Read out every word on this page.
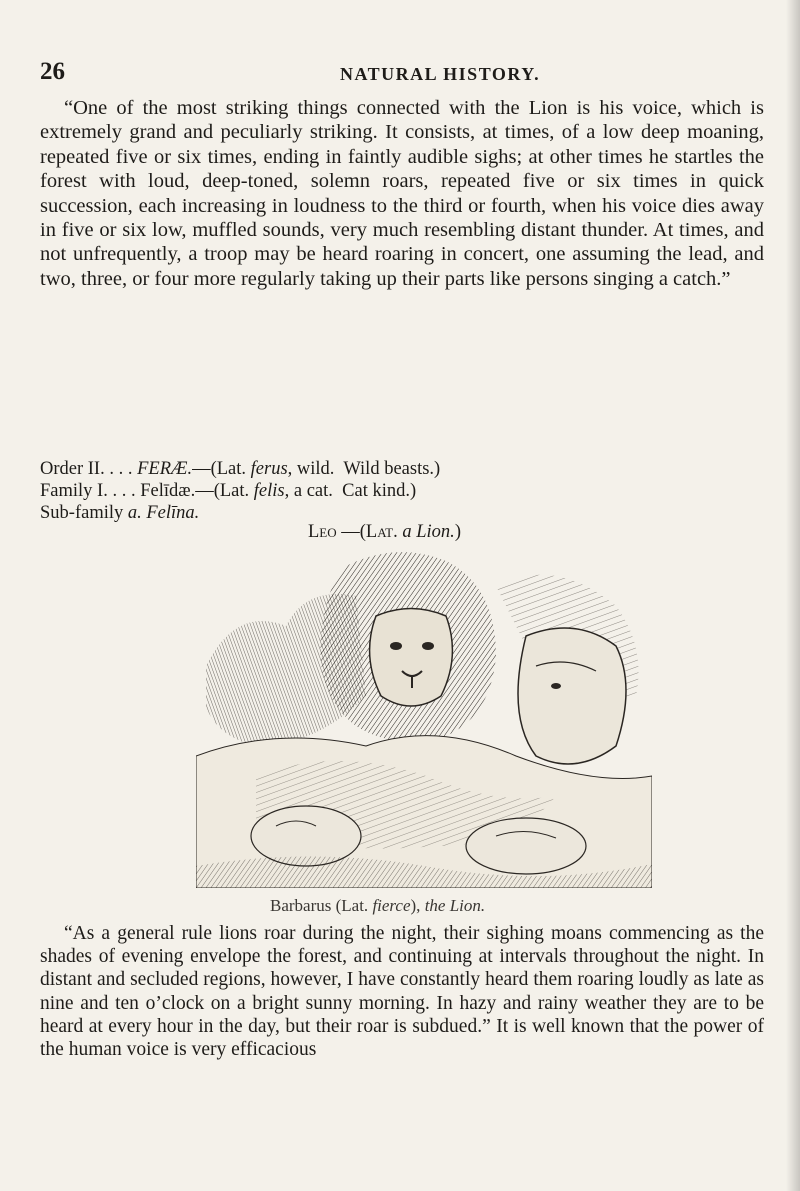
26	NATURAL HISTORY.

“One of the most striking things connected with the Lion is his voice, which is extremely grand and peculiarly striking. It consists, at times, of a low deep moaning, repeated five or six times, ending in faintly audible sighs; at other times he startles the forest with loud, deep-toned, solemn roars, repeated five or six times in quick succession, each increasing in loudness to the third or fourth, when his voice dies away in five or six low, muffled sounds, very much resembling distant thunder. At times, and not unfrequently, a troop may be heard roaring in concert, one assuming the lead, and two, three, or four more regularly taking up their parts like persons singing a catch.”

Order II. . . . FERÆ.—(Lat. ferus, wild.  Wild beasts.)
Family I. . . . Felīdæ.—(Lat. felis, a cat.  Cat kind.)
Sub-family a. Felīna.
Leo —(Lat. a Lion.)
Barbarus (Lat. fierce), the Lion.

“As a general rule lions roar during the night, their sighing moans commencing as the shades of evening envelope the forest, and continuing at intervals throughout the night. In distant and secluded regions, however, I have constantly heard them roaring loudly as late as nine and ten o’clock on a bright sunny morning. In hazy and rainy weather they are to be heard at every hour in the day, but their roar is subdued.” It is well known that the power of the human voice is very efficacious
